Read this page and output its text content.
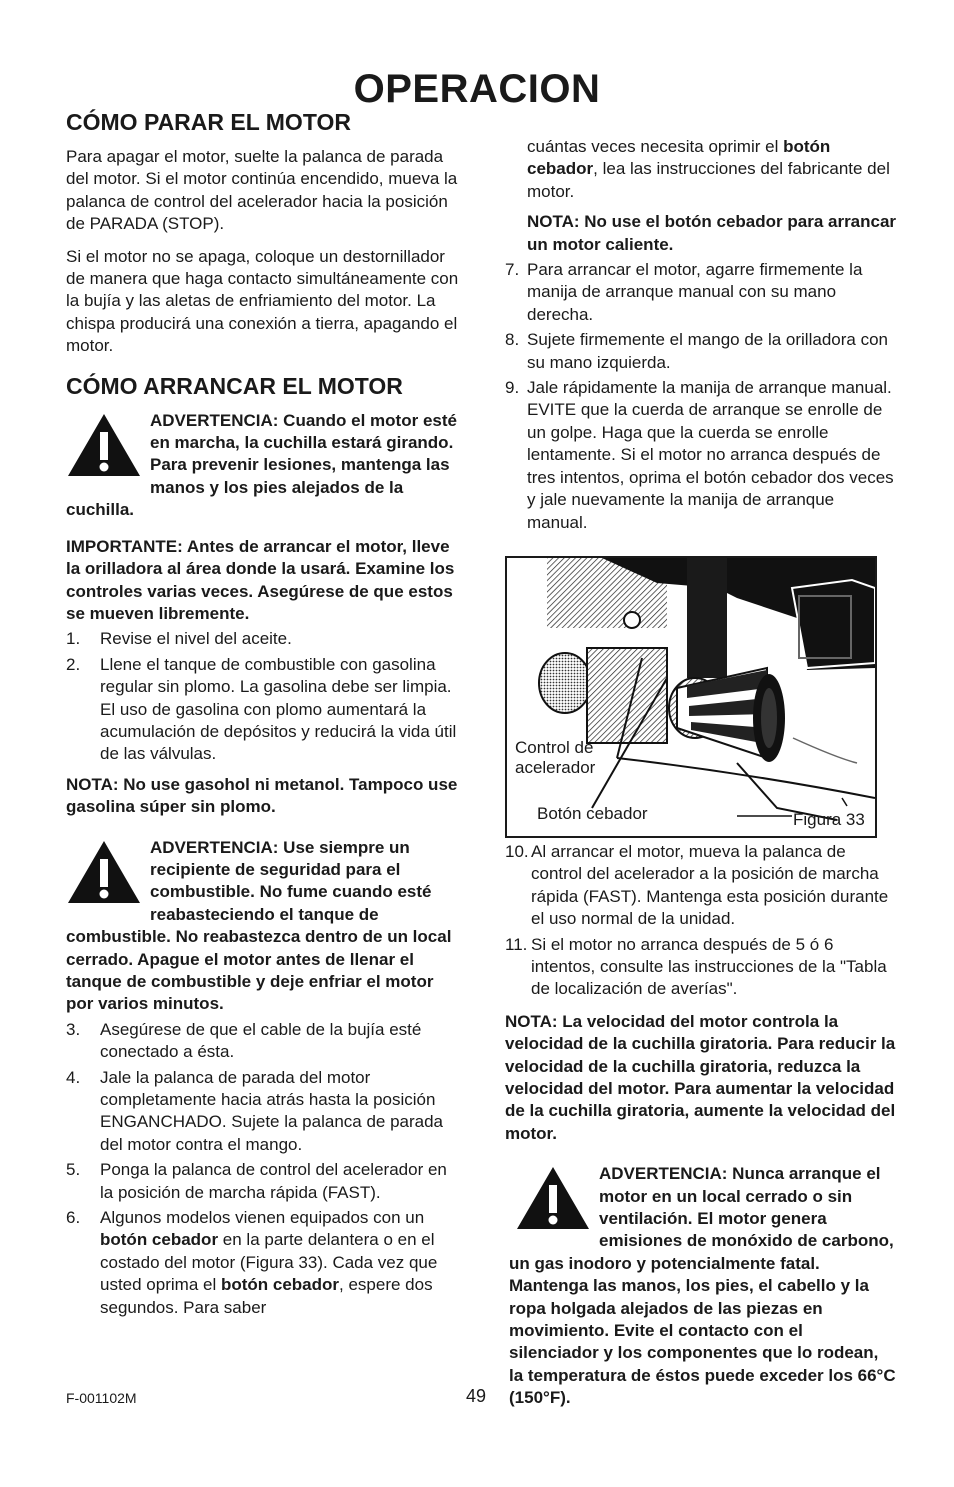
OPERACION
CÓMO PARAR EL MOTOR

Para apagar el motor, suelte la palanca de parada del motor. Si el motor continúa encendido, mueva la palanca de control del acelerador hacia la posición de PARADA (STOP).

Si el motor no se apaga, coloque un destornillador de manera que haga contacto simultáneamente con la bujía y las aletas de enfriamiento del motor. La chispa producirá una conexión a tierra, apagando el motor.

CÓMO ARRANCAR EL MOTOR
ADVERTENCIA: Cuando el motor esté en marcha, la cuchilla estará girando. Para prevenir lesiones, mantenga las manos y los pies alejados de la cuchilla.

IMPORTANTE: Antes de arrancar el motor, lleve la orilladora al área donde la usará. Examine los controles varias veces. Asegúrese de que estos se mueven libremente.

1.	Revise el nivel del aceite.
2.	Llene el tanque de combustible con gasolina regular sin plomo. La gasolina debe ser limpia. El uso de gasolina con plomo aumentará la acumulación de depósitos y reducirá la vida útil de las válvulas.

NOTA: No use gasohol ni metanol. Tampoco use gasolina súper sin plomo.

ADVERTENCIA: Use siempre un recipiente de seguridad para el combustible. No fume cuando esté reabasteciendo el tanque de combustible. No reabastezca dentro de un local cerrado. Apague el motor antes de llenar el tanque de combustible y deje enfriar el motor por varios minutos.
3.	Asegúrese de que el cable de la bujía esté conectado a ésta.
4.	Jale la palanca de parada del motor completamente hacia atrás hasta la posición ENGANCHADO. Sujete la palanca de parada del motor contra el mango.
5.	Ponga la palanca de control del acelerador en la posición de marcha rápida (FAST).
6.	Algunos modelos vienen equipados con un botón cebador en la parte delantera o en el costado del motor (Figura 33). Cada vez que usted oprima el botón cebador, espere dos segundos. Para saber

cuántas veces necesita oprimir el botón cebador, lea las instrucciones del fabricante del motor.

NOTA: No use el botón cebador para arrancar un motor caliente.

7. Para arrancar el motor, agarre firmemente la manija de arranque manual con su mano derecha.
8. Sujete firmemente el mango de la orilladora con su mano izquierda.
9. Jale rápidamente la manija de arranque manual. EVITE que la cuerda de arranque se enrolle de un golpe. Haga que la cuerda se enrolle lentamente. Si el motor no arranca después de tres intentos, oprima el botón cebador dos veces y jale nuevamente la manija de arranque manual.
Control de acelerador
Botón cebador	Figura 33
10. Al arrancar el motor, mueva la palanca de control del acelerador a la posición de marcha rápida (FAST). Mantenga esta posición durante el uso normal de la unidad.
11. Si el motor no arranca después de 5 ó 6 intentos, consulte las instrucciones de la "Tabla de localización de averías".

NOTA: La velocidad del motor controla la velocidad de la cuchilla giratoria. Para reducir la velocidad de la cuchilla giratoria, reduzca la velocidad del motor. Para aumentar la velocidad de la cuchilla giratoria, aumente la velocidad del motor.

ADVERTENCIA: Nunca arranque el motor en un local cerrado o sin ventilación. El motor genera emisiones de monóxido de carbono, un gas inodoro y potencialmente fatal. Mantenga las manos, los pies, el cabello y la ropa holgada alejados de las piezas en movimiento. Evite el contacto con el silenciador y los componentes que lo rodean, la temperatura de éstos puede exceder los 66°C (150°F).
F-001102M	49
